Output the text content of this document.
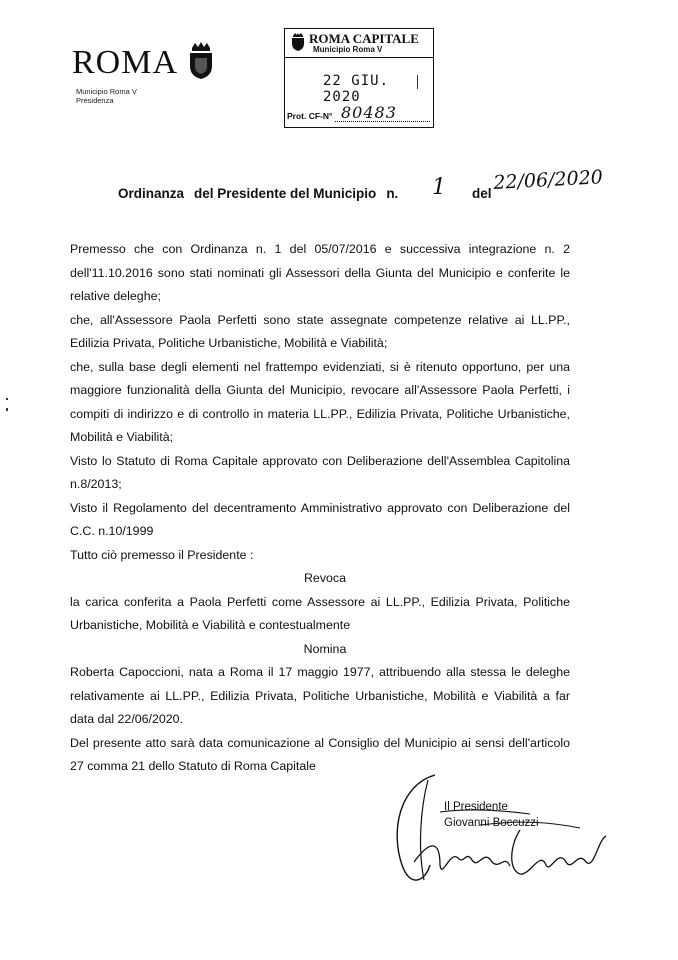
ROMA
Municipio Roma V
Presidenza
ROMA CAPITALE
Municipio Roma V
22 GIU. 2020
Prot. CF-N° 80483
Ordinanza del Presidente del Municipio n. 1 del 22/06/2020
Premesso che con Ordinanza n. 1 del 05/07/2016 e successiva integrazione n. 2
dell'11.10.2016 sono stati nominati gli Assessori della Giunta del Municipio e conferite le
relative deleghe;
che, all'Assessore Paola Perfetti sono state assegnate competenze relative ai LL.PP.,
Edilizia Privata, Politiche Urbanistiche, Mobilità e Viabilità;
che, sulla base degli elementi nel frattempo evidenziati, si è ritenuto opportuno, per una
maggiore funzionalità della Giunta del Municipio, revocare all'Assessore Paola Perfetti, i
compiti di indirizzo e di controllo in materia LL.PP., Edilizia Privata, Politiche Urbanistiche,
Mobilità e Viabilità;
Visto lo Statuto di Roma Capitale approvato con Deliberazione dell'Assemblea Capitolina
n.8/2013;
Visto il Regolamento del decentramento Amministrativo approvato con Deliberazione del
C.C. n.10/1999
Tutto ciò premesso il Presidente :
Revoca
la carica conferita a Paola Perfetti come Assessore ai LL.PP., Edilizia Privata, Politiche
Urbanistiche, Mobilità e Viabilità e contestualmente
Nomina
Roberta Capoccioni, nata a Roma il 17 maggio 1977, attribuendo alla stessa le deleghe
relativamente ai LL.PP., Edilizia Privata, Politiche Urbanistiche, Mobilità e Viabilità a far
data dal 22/06/2020.
Del presente atto sarà data comunicazione al Consiglio del Municipio ai sensi dell'articolo
27 comma 21 dello Statuto di Roma Capitale
Il Presidente
Giovanni Boccuzzi
